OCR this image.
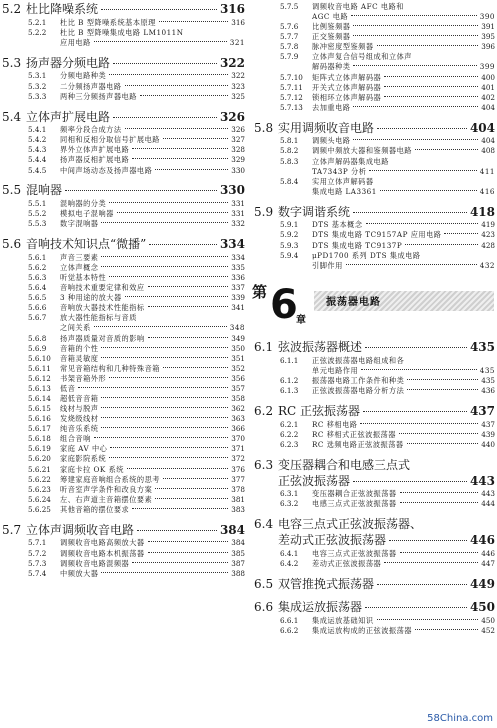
5.2 杜比降噪系统	316
5.2.1	杜比 B 型降噪系统基本原理	316
5.2.2	杜比 B 型降噪集成电路 LM1011N
应用电路	321
5.3 扬声器分频电路	322
5.3.1	分频电路种类	322
5.3.2	二分频扬声器电路	323
5.3.3	两种三分频扬声器电路	325
5.4 立体声扩展电路	326
5.4.1	频率分段合成方法	326
5.4.2	同相和反相分取信号扩展电路	327
5.4.3	界外立体声扩展电路	328
5.4.4	扬声器反相扩展电路	329
5.4.5	中间声场动态及扬声器电路	330
5.5 混响器	330
5.5.1	混响器的分类	331
5.5.2	模拟电子混响器	331
5.5.3	数字混响器	332
5.6 音响技术知识点“微播”	334
5.6.1	声音三要素	334
5.6.2	立体声概念	335
5.6.3	听觉基本特性	336
5.6.4	音响技术重要定律和效应	337
5.6.5	3 种用途的放大器	339
5.6.6	音响放大器技术性能指标	341
5.6.7	放大器性能指标与音质
之间关系	348
5.6.8	扬声器质量对音质的影响	349
5.6.9	音箱的个性	350
5.6.10	音箱灵敏度	351
5.6.11	常见音箱结构和几种特殊音箱	352
5.6.12	书架音箱外形	356
5.6.13	低音	357
5.6.14	超低音音箱	358
5.6.15	线材与脱声	362
5.6.16	发烧级线材	363
5.6.17	纯音乐系统	366
5.6.18	组合音响	370
5.6.19	家庭 AV 中心	371
5.6.20	家庭影院系统	372
5.6.21	家庭卡拉 OK 系统	376
5.6.22	筹建家庭音响组合系统的思考	377
5.6.23	听音室声学条件和改良方案	378
5.6.24	左、右声道主音箱摆位要素	381
5.6.25	其他音箱的摆位要求	383
5.7 立体声调频收音电路	384
5.7.1	调频收音电路高频放大器	384
5.7.2	调频收音电路本机振荡器	385
5.7.3	调频收音电路混频器	387
5.7.4	中频放大器	388
5.7.5	调频收音电路 AFC 电路和
AGC 电路	390
5.7.6	比例鉴频器	391
5.7.7	正交鉴频器	395
5.7.8	脉冲密度型鉴频器	396
5.7.9	立体声复合信号组成和立体声
解码器种类	399
5.7.10	矩阵式立体声解码器	400
5.7.11	开关式立体声解码器	401
5.7.12	锁相环立体声解码器	402
5.7.13	去加重电路	404
5.8 实用调频收音电路	404
5.8.1	调频头电路	404
5.8.2	调频中频放大器和鉴频器电路	408
5.8.3	立体声解码器集成电路
TA7343P 分析	411
5.8.4	实用立体声解码器
集成电路 LA3361	416
5.9 数字调谐系统	418
5.9.1	DTS 基本概念	419
5.9.2	DTS 集成电路 TC9157AP 应用电路	423
5.9.3	DTS 集成电路 TC9137P	428
5.9.4	μPD1700 系列 DTS 集成电路
引脚作用	432
第 6
章
振荡器电路
6.1 弦波振荡器概述	435
6.1.1	正弦波振荡器电路组成和各
单元电路作用	435
6.1.2	振荡器电路工作条件和种类	435
6.1.3	正弦波振荡器电路分析方法	436
6.2 RC 正弦振荡器	437
6.2.1	RC 移相电路	437
6.2.2	RC 移相式正弦波振荡器	439
6.2.3	RC 选频电路正弦波振荡器	440
6.3 变压器耦合和电感三点式
正弦波振荡器	443
6.3.1	变压器耦合正弦波振荡器	443
6.3.2	电感三点式正弦波振荡器	444
6.4 电容三点式正弦波振荡器、
差动式正弦波振荡器	446
6.4.1	电容三点式正弦波振荡器	446
6.4.2	差动式正弦波振荡器	447
6.5 双管推挽式振荡器	449
6.6 集成运放振荡器	450
6.6.1	集成运放基础知识	450
6.6.2	集成运放构成的正弦波振荡器	452
58China.com
